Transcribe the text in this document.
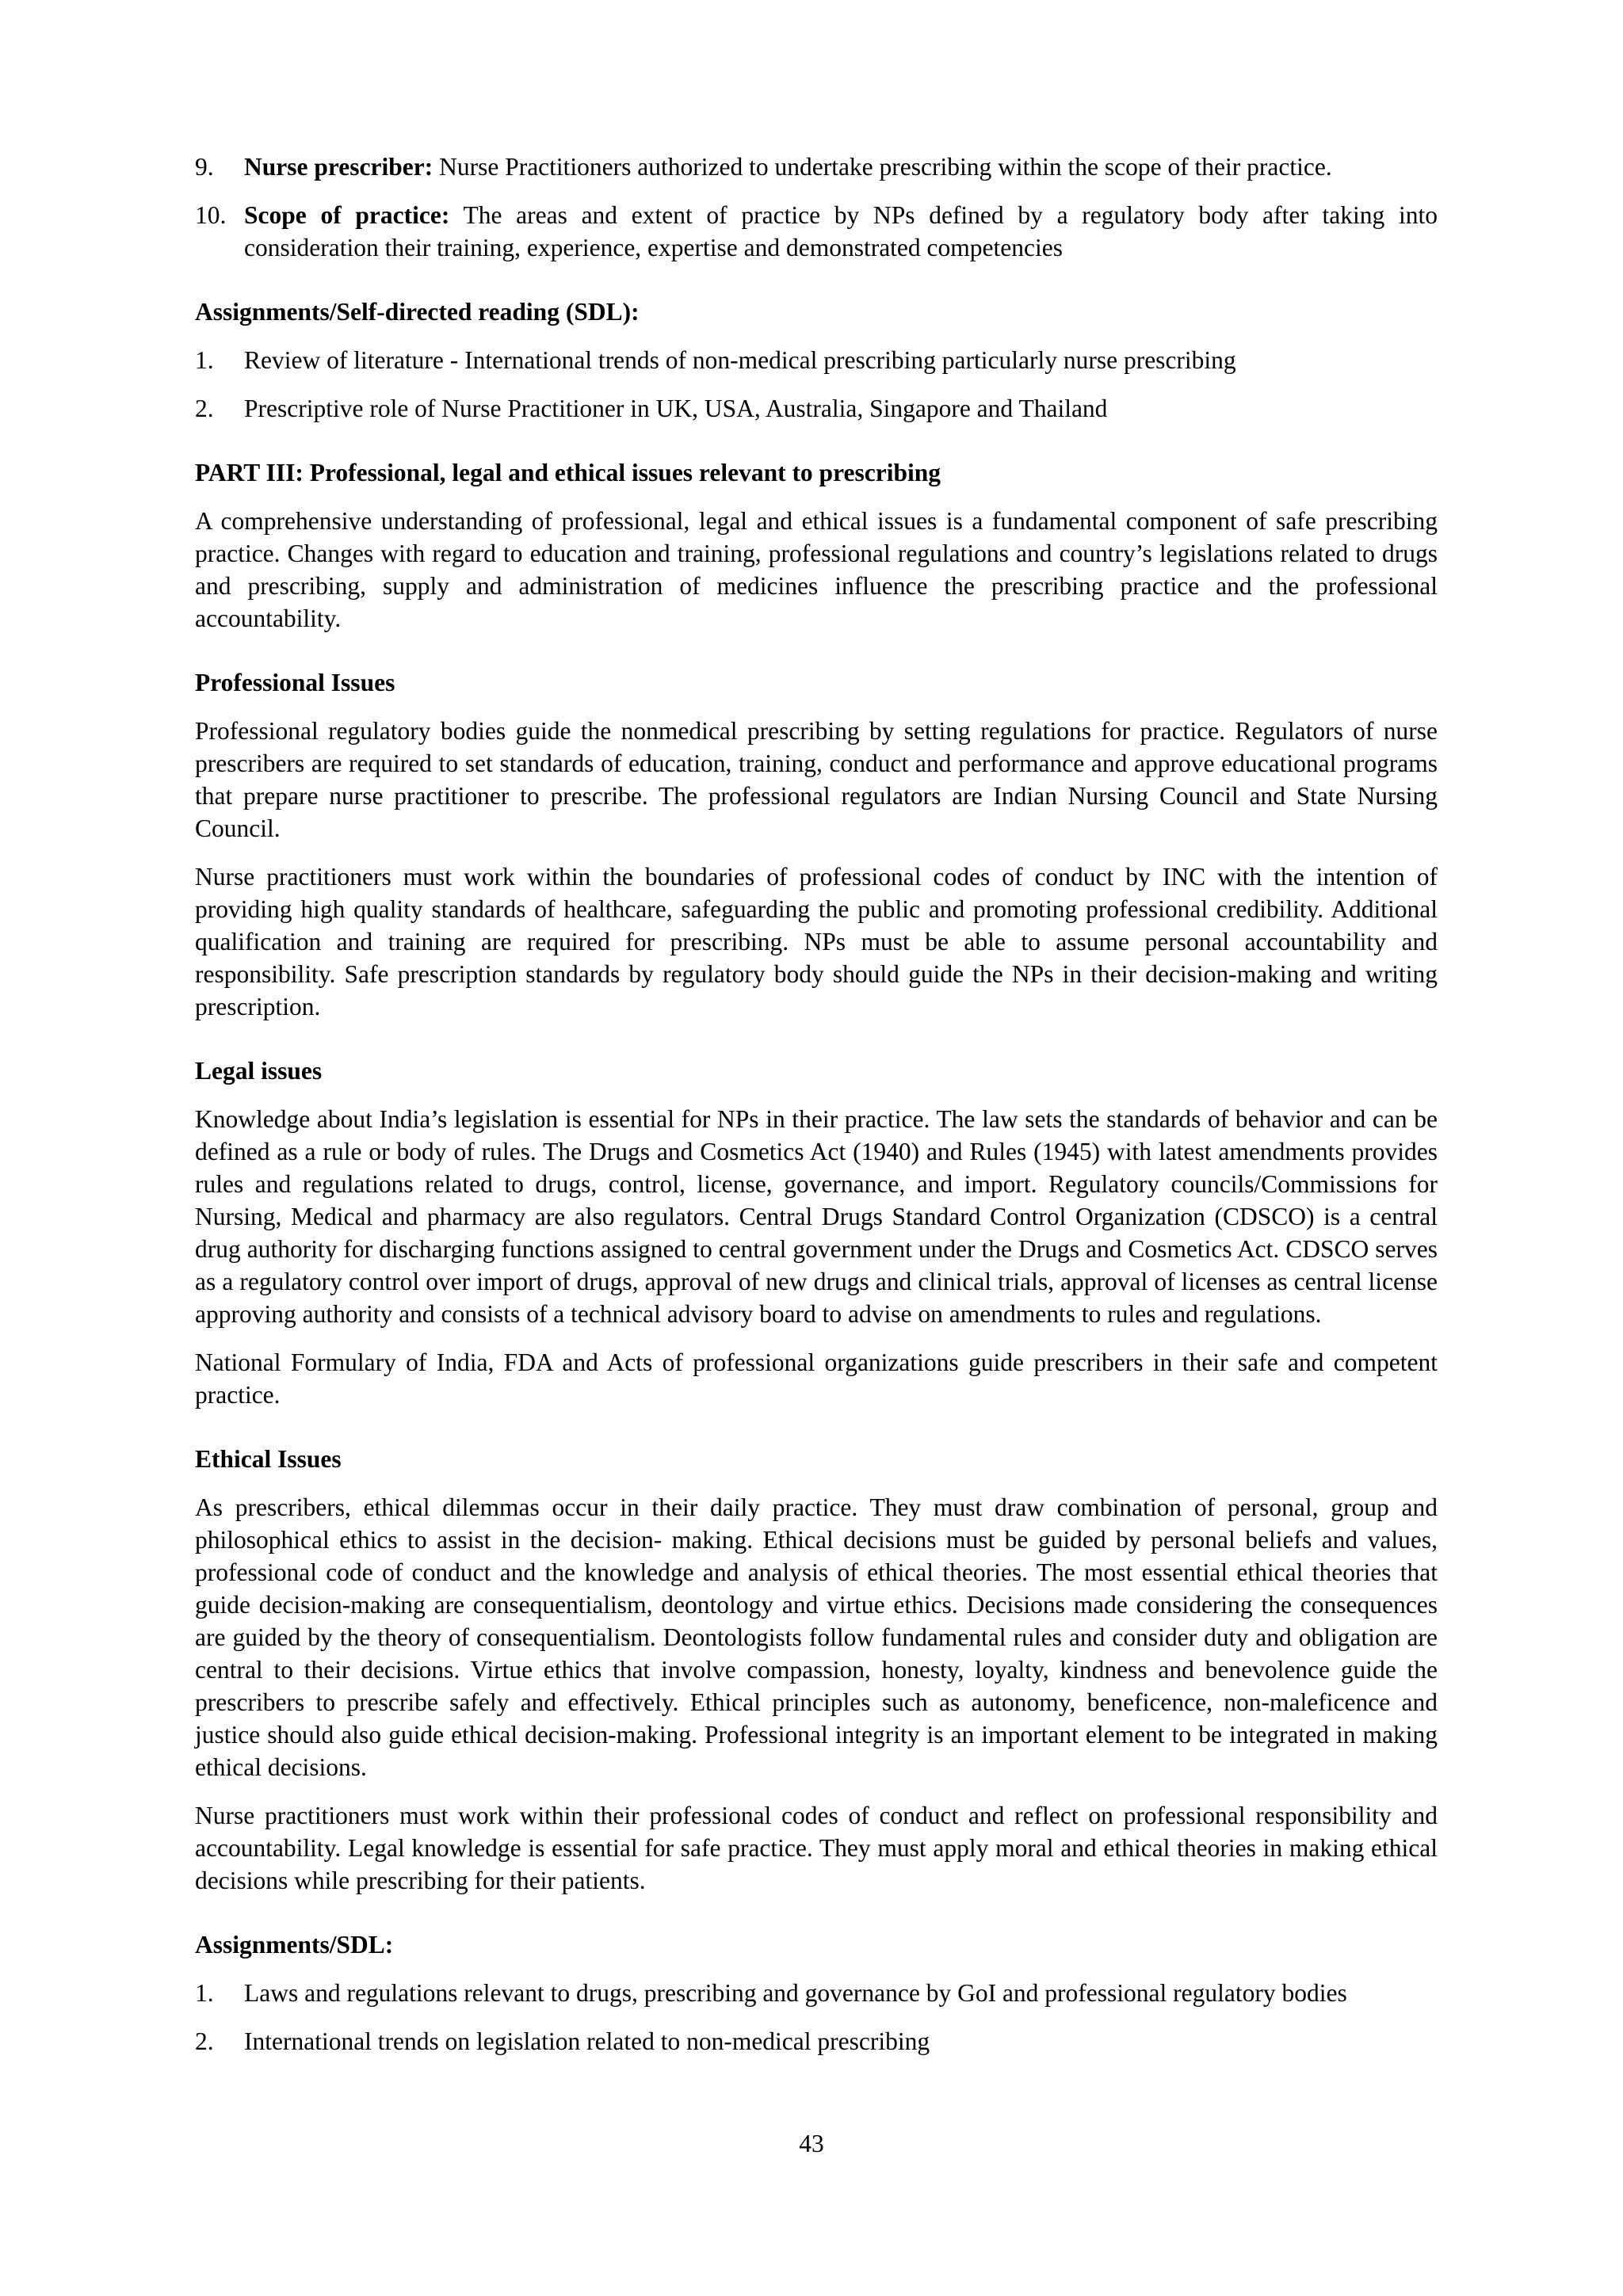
9.	Nurse prescriber: Nurse Practitioners authorized to undertake prescribing within the scope of their practice.
10. Scope of practice: The areas and extent of practice by NPs defined by a regulatory body after taking into consideration their training, experience, expertise and demonstrated competencies
Assignments/Self-directed reading (SDL):
1.	Review of literature - International trends of non-medical prescribing particularly nurse prescribing
2.	Prescriptive role of Nurse Practitioner in UK, USA, Australia, Singapore and Thailand
PART III: Professional, legal and ethical issues relevant to prescribing
A comprehensive understanding of professional, legal and ethical issues is a fundamental component of safe prescribing practice. Changes with regard to education and training, professional regulations and country’s legislations related to drugs and prescribing, supply and administration of medicines influence the prescribing practice and the professional accountability.
Professional Issues
Professional regulatory bodies guide the nonmedical prescribing by setting regulations for practice. Regulators of nurse prescribers are required to set standards of education, training, conduct and performance and approve educational programs that prepare nurse practitioner to prescribe. The professional regulators are Indian Nursing Council and State Nursing Council.
Nurse practitioners must work within the boundaries of professional codes of conduct by INC with the intention of providing high quality standards of healthcare, safeguarding the public and promoting professional credibility. Additional qualification and training are required for prescribing. NPs must be able to assume personal accountability and responsibility. Safe prescription standards by regulatory body should guide the NPs in their decision-making and writing prescription.
Legal issues
Knowledge about India’s legislation is essential for NPs in their practice. The law sets the standards of behavior and can be defined as a rule or body of rules. The Drugs and Cosmetics Act (1940) and Rules (1945) with latest amendments provides rules and regulations related to drugs, control, license, governance, and import. Regulatory councils/Commissions for Nursing, Medical and pharmacy are also regulators. Central Drugs Standard Control Organization (CDSCO) is a central drug authority for discharging functions assigned to central government under the Drugs and Cosmetics Act. CDSCO serves as a regulatory control over import of drugs, approval of new drugs and clinical trials, approval of licenses as central license approving authority and consists of a technical advisory board to advise on amendments to rules and regulations.
National Formulary of India, FDA and Acts of professional organizations guide prescribers in their safe and competent practice.
Ethical Issues
As prescribers, ethical dilemmas occur in their daily practice. They must draw combination of personal, group and philosophical ethics to assist in the decision- making. Ethical decisions must be guided by personal beliefs and values, professional code of conduct and the knowledge and analysis of ethical theories. The most essential ethical theories that guide decision-making are consequentialism, deontology and virtue ethics. Decisions made considering the consequences are guided by the theory of consequentialism. Deontologists follow fundamental rules and consider duty and obligation are central to their decisions. Virtue ethics that involve compassion, honesty, loyalty, kindness and benevolence guide the prescribers to prescribe safely and effectively. Ethical principles such as autonomy, beneficence, non-maleficence and justice should also guide ethical decision-making. Professional integrity is an important element to be integrated in making ethical decisions.
Nurse practitioners must work within their professional codes of conduct and reflect on professional responsibility and accountability. Legal knowledge is essential for safe practice. They must apply moral and ethical theories in making ethical decisions while prescribing for their patients.
Assignments/SDL:
1.	Laws and regulations relevant to drugs, prescribing and governance by GoI and professional regulatory bodies
2.	International trends on legislation related to non-medical prescribing
43
